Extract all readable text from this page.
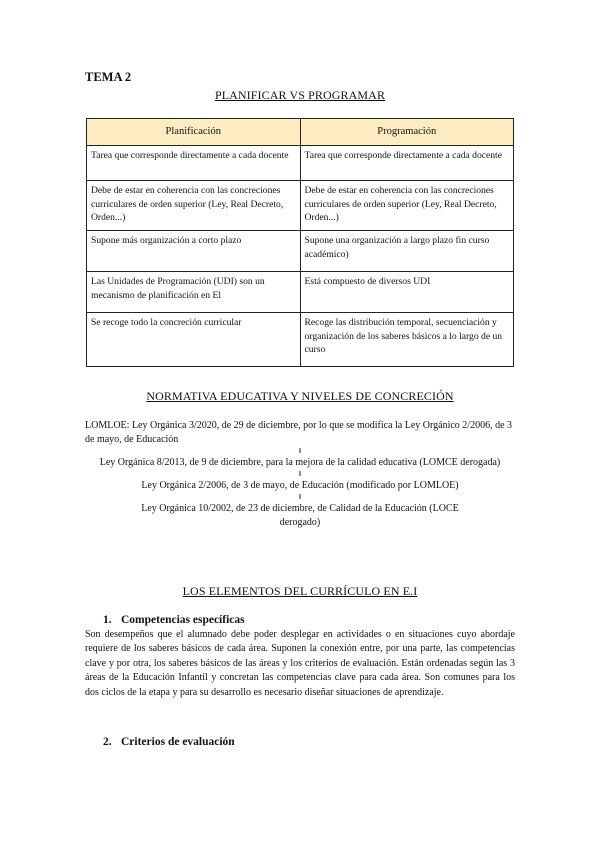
TEMA 2
PLANIFICAR VS PROGRAMAR
Planificación	Programación
Tarea que corresponde directamente a cada docente	Tarea que corresponde directamente a cada docente
Debe de estar en coherencia con las concreciones curriculares de orden superior (Ley, Real Decreto, Orden...)	Debe de estar en coherencia con las concreciones curriculares de orden superior (Ley, Real Decreto, Orden...)
Supone más organización a corto plazo	Supone una organización a largo plazo fin curso académico)
Las Unidades de Programación (UDI) son un mecanismo de planificación en El	Está compuesto de diversos UDI
Se recoge todo la concreción curricular	Recoge las distribución temporal, secuenciación y organización de los saberes básicos a lo largo de un curso
NORMATIVA EDUCATIVA Y NIVELES DE CONCRECIÓN
LOMLOE: Ley Orgánica 3/2020, de 29 de diciembre, por lo que se modifica la Ley Orgánico 2/2006, de 3 de mayo, de Educación
⇓
Ley Orgánica 8/2013, de 9 de diciembre, para la mejora de la calidad educativa (LOMCE derogada)
⇓
Ley Orgánica 2/2006, de 3 de mayo, de Educación (modificado por LOMLOE)
⇓
Ley Orgánica 10/2002, de 23 de diciembre, de Calidad de la Educación (LOCE derogado)
LOS ELEMENTOS DEL CURRÍCULO EN E.I
1. Competencias específicas
Son desempeños que el alumnado debe poder desplegar en actividades o en situaciones cuyo abordaje requiere de los saberes básicos de cada área. Suponen la conexión entre, por una parte, las competencias clave y por otra, los saberes básicos de las áreas y los criterios de evaluación. Están ordenadas según las 3 áreas de la Educación Infantil y concretan las competencias clave para cada área. Son comunes para los dos ciclos de la etapa y para su desarrollo es necesario diseñar situaciones de aprendizaje.
2. Criterios de evaluación
